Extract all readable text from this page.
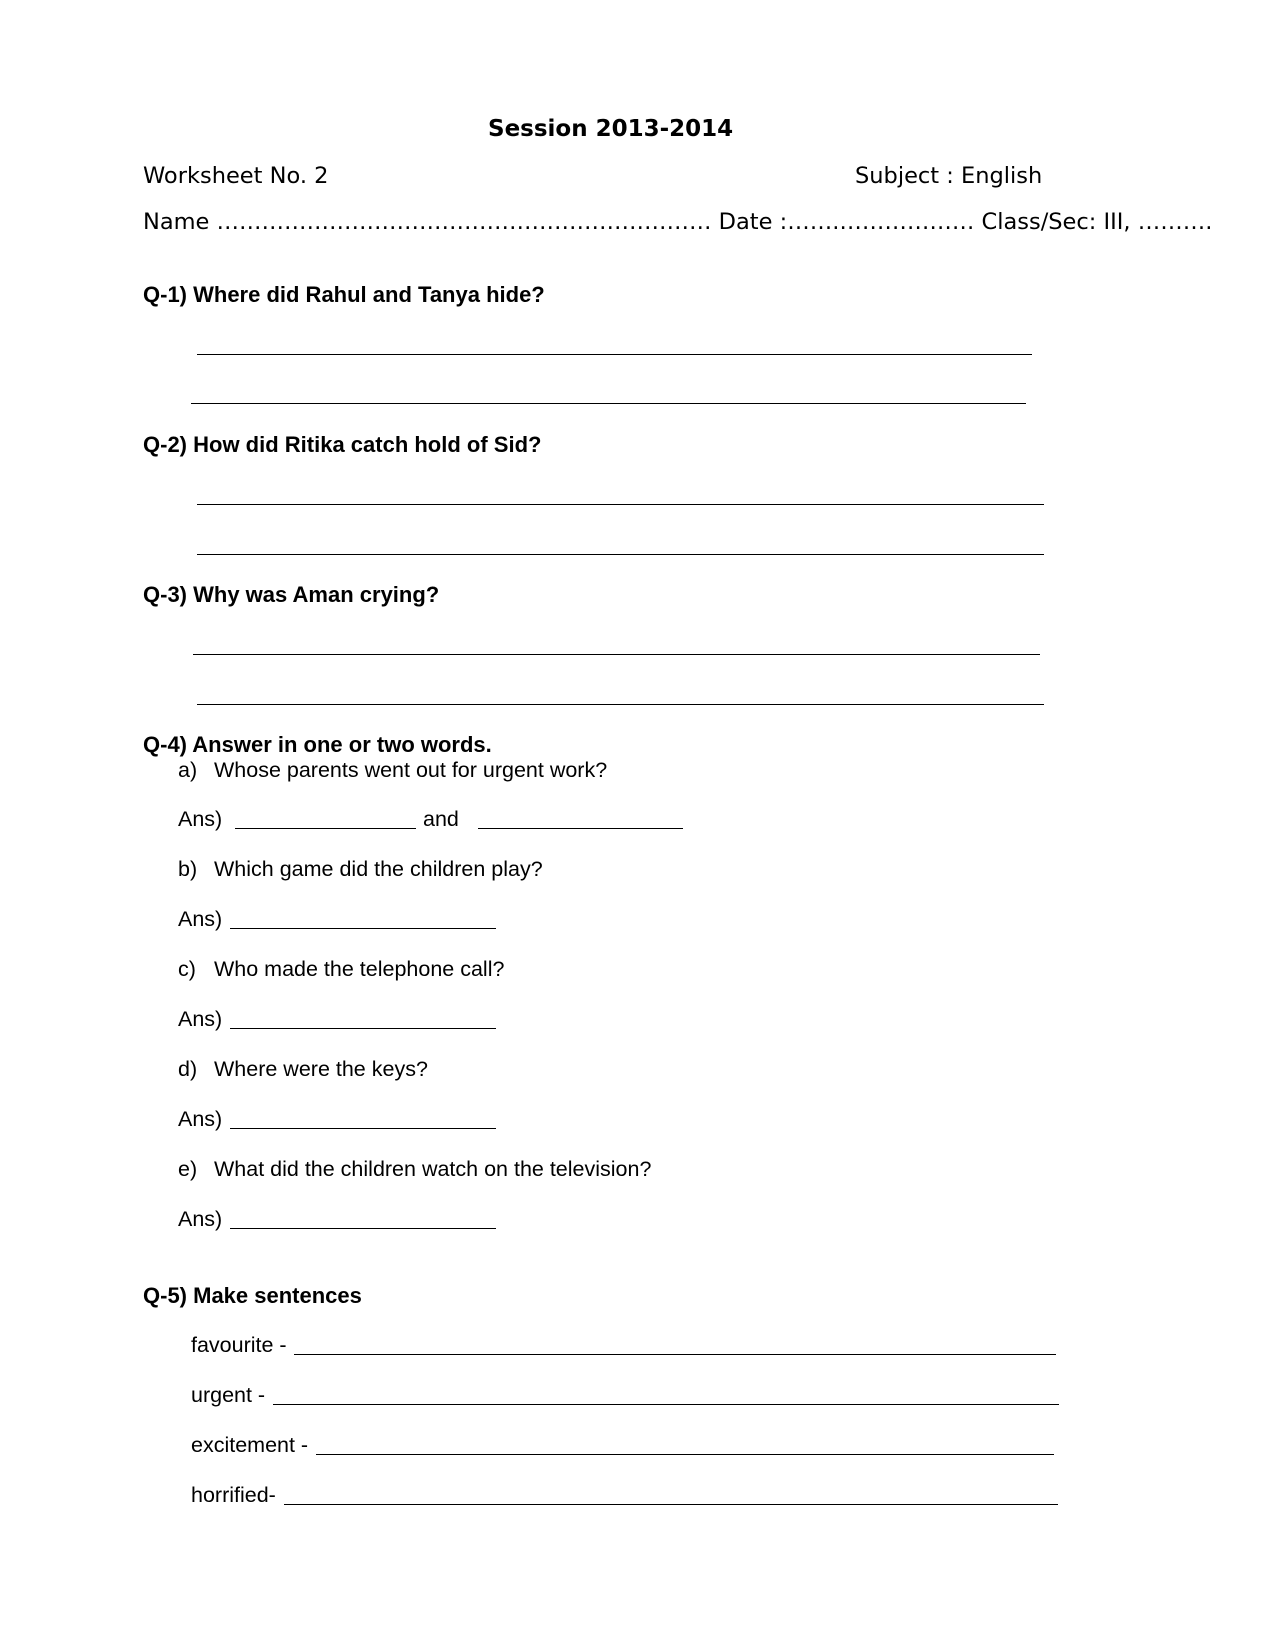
Session 2013-2014
Worksheet No. 2	Subject : English
Name ………………………………………………………… Date :…….……………… Class/Sec: III, ……….
Q-1) Where did Rahul and Tanya hide?
Q-2) How did Ritika catch hold of Sid?
Q-3) Why was Aman crying?
Q-4) Answer in one or two words.
a) Whose parents went out for urgent work?
Ans)	and
b) Which game did the children play?
Ans)
c) Who made the telephone call?
Ans)
d) Where were the keys?
Ans)
e) What did the children watch on the television?
Ans)
Q-5) Make sentences
favourite -
urgent -
excitement -
horrified-
